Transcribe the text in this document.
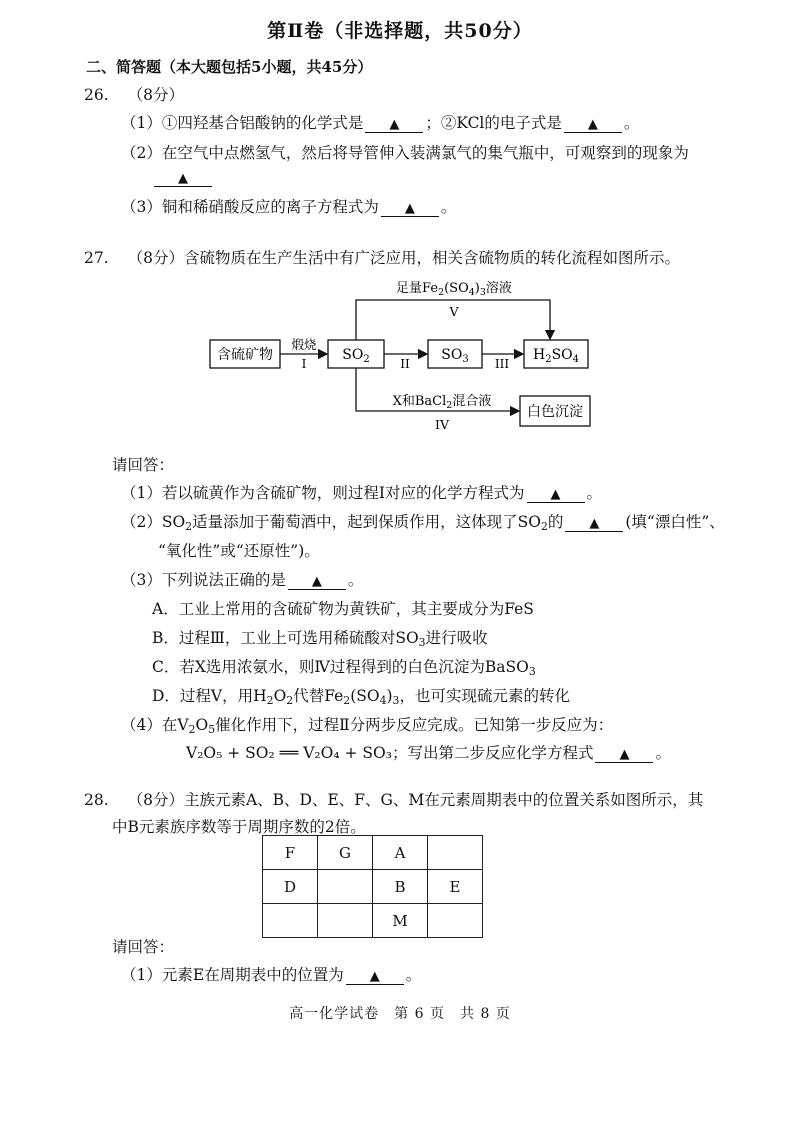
第Ⅱ卷（非选择题，共50分）
二、简答题（本大题包括5小题，共45分）
26. （8分）
（1）①四羟基合铝酸钠的化学式是 ▲ ；②KCl的电子式是 ▲ 。
（2）在空气中点燃氢气，然后将导管伸入装满氯气的集气瓶中，可观察到的现象为
▲
（3）铜和稀硝酸反应的离子方程式为 ▲ 。
27. （8分）含硫物质在生产生活中有广泛应用，相关含硫物质的转化流程如图所示。
含硫矿物
煅烧
I
$SO_2$	II
$SO_3$ III
$H_2SO_4$
足量$Fe_2(SO_4)_3$溶液
V
X和BaCl$_2$混合液
IV
白色沉淀
请回答：
（1）若以硫黄作为含硫矿物，则过程Ⅰ对应的化学方程式为 ▲ 。
$(2)SO_2$适量添加于葡萄酒中，起到保质作用，这体现了$SO_2$的 ▲ (填“漂白性”、
“氧化性”或“还原性”)。
（3）下列说法正确的是 ▲ 。
A．工业上常用的含硫矿物为黄铁矿，其主要成分为FeS
B．过程Ⅲ，工业上可选用稀硫酸对$SO_3$进行吸收
C．若X选用浓氨水，则Ⅳ过程得到的白色沉淀为BaSO$_3$
D．过程Ⅴ，用$H_2O_2$代替$Fe_2(SO_4)_3$，也可实现硫元素的转化
（4）在$V_2O_5$催化作用下，过程Ⅱ分两步反应完成。已知第一步反应为：
V₂O₅ + SO₂ ══ V₂O₄ + SO₃；写出第二步反应化学方程式 ▲ 。
28. （8分）主族元素A、B、D、E、F、G、M在元素周期表中的位置关系如图所示，其
中B元素族序数等于周期序数的2倍。
F	G	A	
D		B	E
		M	
请回答：
（1）元素E在周期表中的位置为 ▲ 。
高一化学试卷　第 6 页　共 8 页
